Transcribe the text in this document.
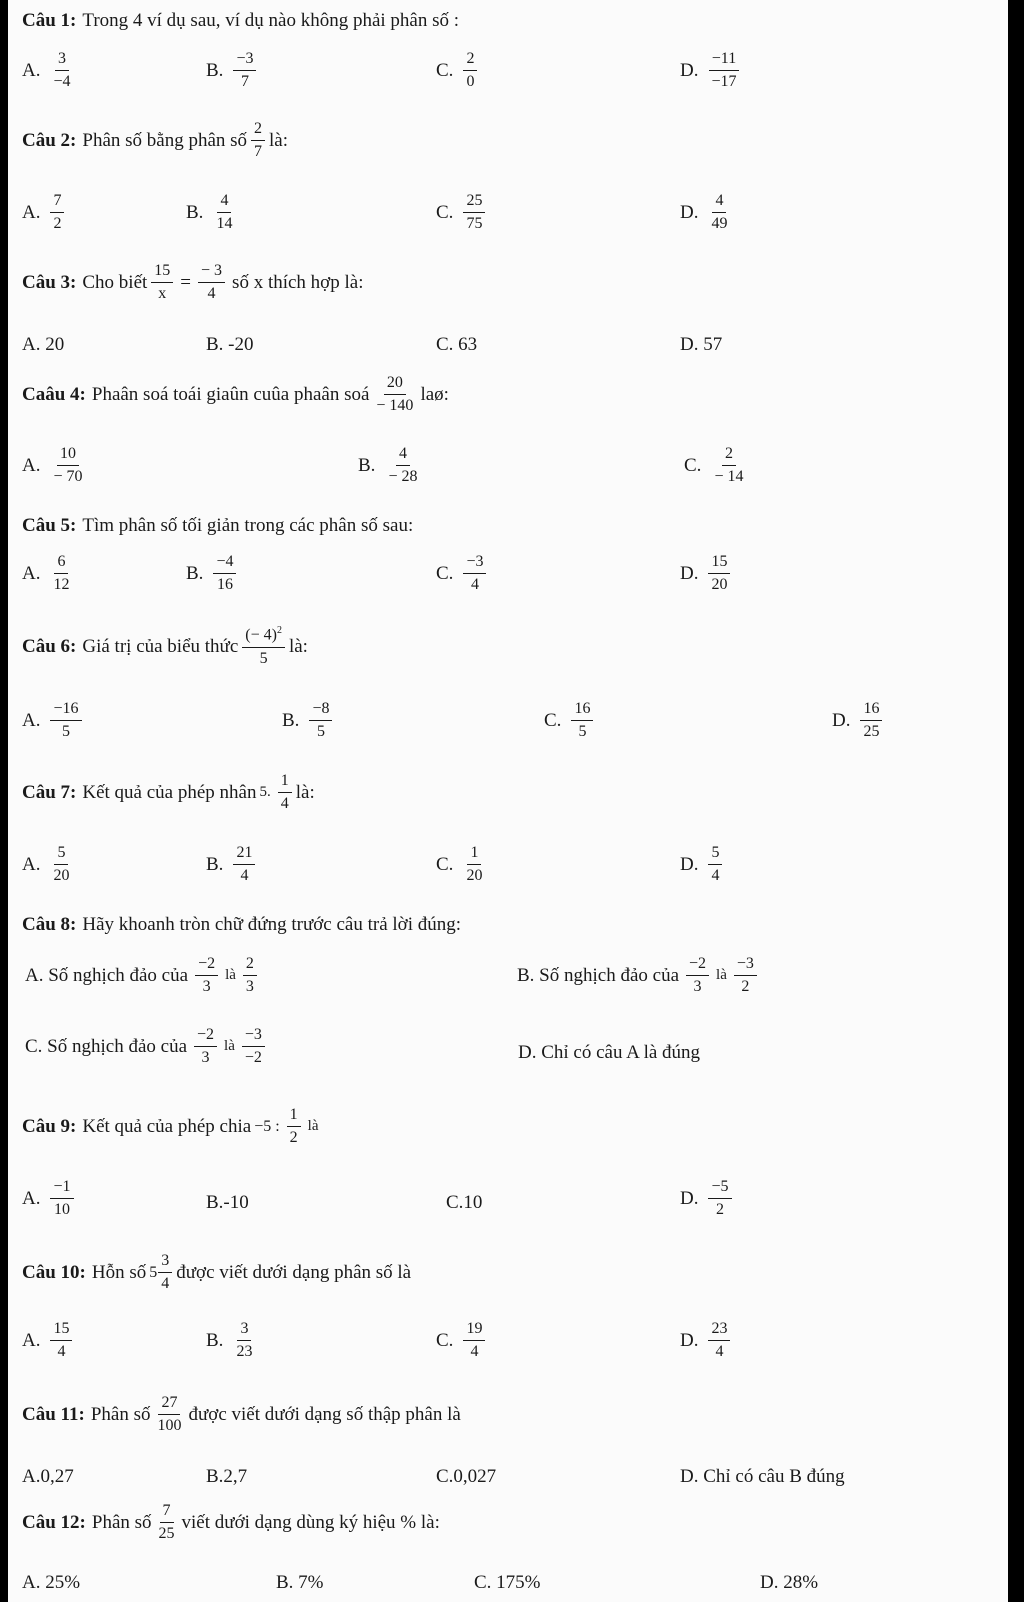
Câu 1: Trong 4 ví dụ sau, ví dụ nào không phải phân số :
A. $\frac{3}{-4}$	B. $\frac{-3}{7}$	C. $\frac{2}{0}$	D. $\frac{-11}{-17}$
Câu 2: Phân số bằng phân số $\frac{2}{7}$ là:
A. $\frac{7}{2}$	B. $\frac{4}{14}$	C. $\frac{25}{75}$	D. $\frac{4}{49}$
Câu 3: Cho biết $\frac{15}{x} = \frac{- 3}{4}$ số x thích hợp là:
A. 20	B. -20	C. 63	D. 57
Caâu 4: Phaân soá toái giaûn cuûa phaân soá $\frac{20}{- 140}$ laø:
A. $\frac{10}{- 70}$	B. $\frac{4}{- 28}$	C. $\frac{2}{- 14}$
Câu 5: Tìm phân số tối giản trong các phân số sau:
A. $\frac{6}{12}$	B. $\frac{-4}{16}$	C. $\frac{-3}{4}$	D. $\frac{15}{20}$
Câu 6: Giá trị của biểu thức $\frac{(- 4)^2}{5}$ là:
A. $\frac{-16}{5}$	B. $\frac{-8}{5}$	C. $\frac{16}{5}$	D. $\frac{16}{25}$
Câu 7: Kết quả của phép nhân 5. $\frac{1}{4}$ là:
A. $\frac{5}{20}$	B. $\frac{21}{4}$	C. $\frac{1}{20}$	D. $\frac{5}{4}$
Câu 8: Hãy khoanh tròn chữ đứng trước câu trả lời đúng:
A. Số nghịch đảo của $\frac{-2}{3}$ là $\frac{2}{3}$	B. Số nghịch đảo của $\frac{-2}{3}$ là $\frac{-3}{2}$
C. Số nghịch đảo của $\frac{-2}{3}$ là $\frac{-3}{-2}$	D. Chỉ có câu A là đúng
Câu 9: Kết quả của phép chia −5 : $\frac{1}{2}$ là
A. $\frac{-1}{10}$	B.-10	C.10	D. $\frac{-5}{2}$
Câu 10: Hỗn số $5 \frac{3}{4}$ được viết dưới dạng phân số là
A. $\frac{15}{4}$	B. $\frac{3}{23}$	C. $\frac{19}{4}$	D. $\frac{23}{4}$
Câu 11: Phân số $\frac{27}{100}$ được viết dưới dạng số thập phân là
A.0,27	B.2,7	C.0,027	D. Chỉ có câu B đúng
Câu 12: Phân số $\frac{7}{25}$ viết dưới dạng dùng ký hiệu % là:
A. 25%	B. 7%	C. 175%	D. 28%
